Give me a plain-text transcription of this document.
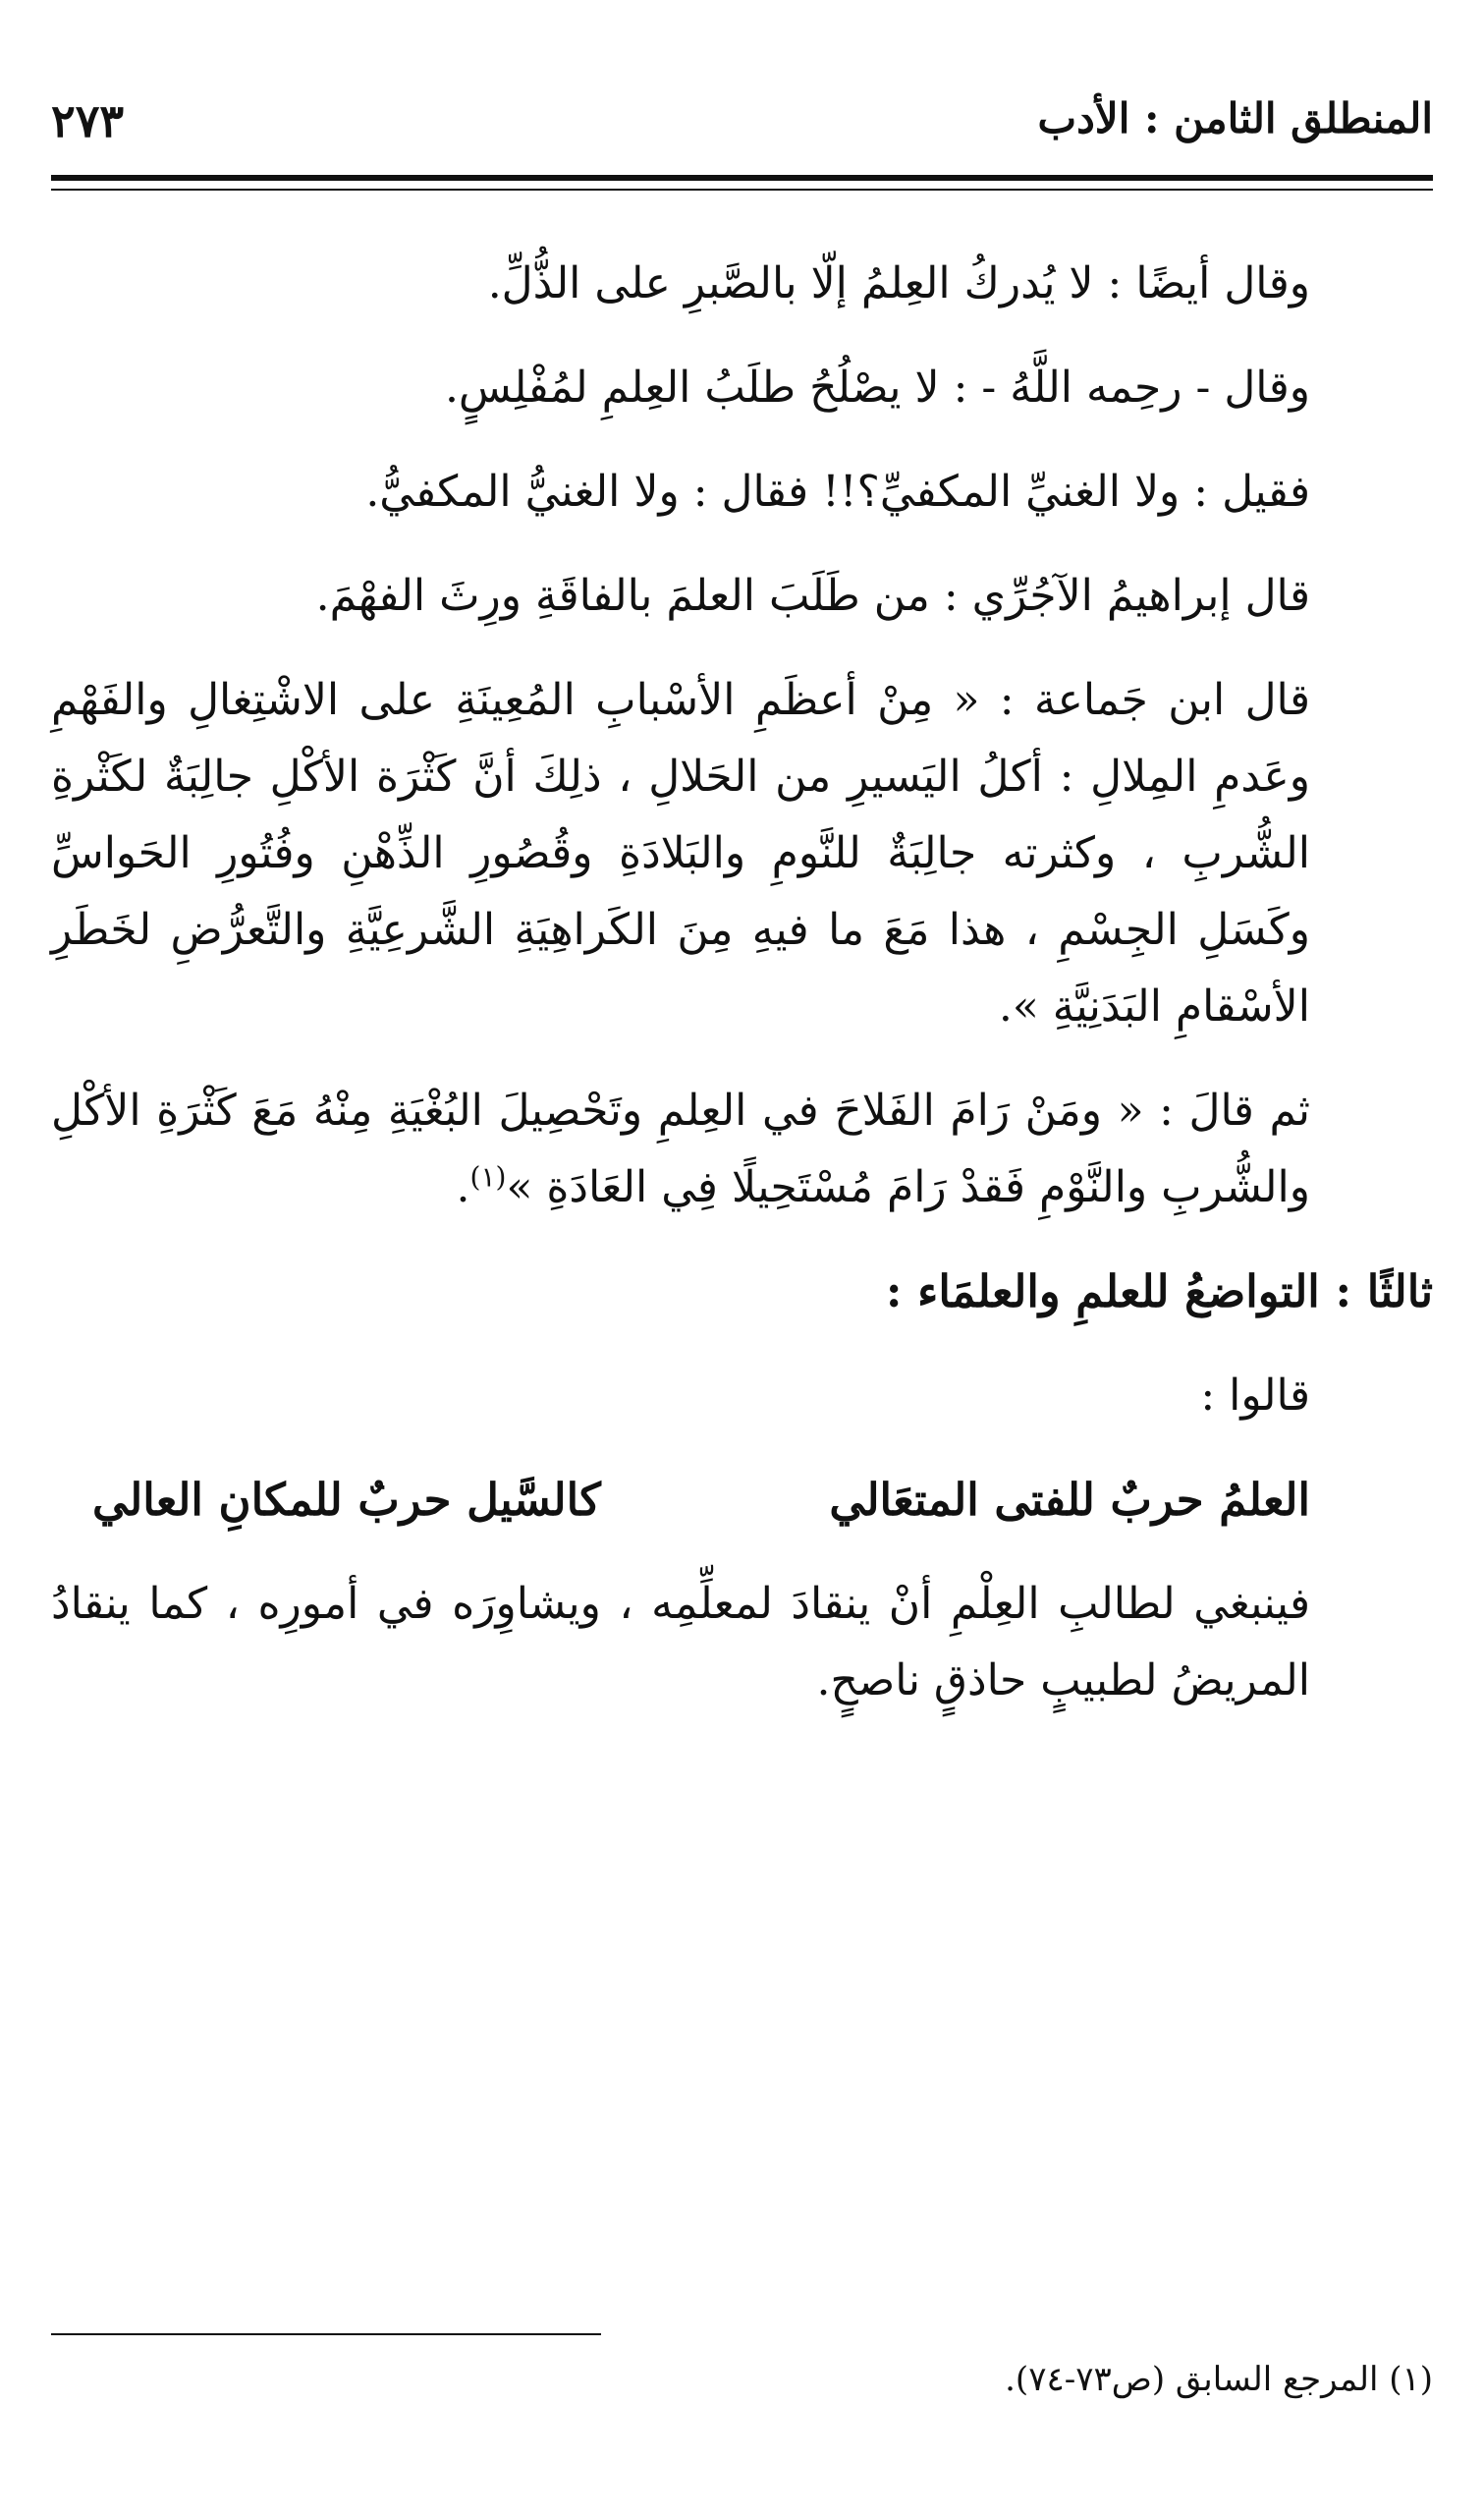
المنطلق الثامن : الأدب
٢٧٣

وقال أيضًا : لا يُدركُ العِلمُ إلّا بالصَّبرِ على الذُّلِّ.

وقال - رحِمه اللَّهُ - : لا يصْلُحُ طلَبُ العِلمِ لمُفْلِسٍ.

فقيل : ولا الغنيِّ المكفيِّ؟!! فقال : ولا الغنيُّ المكفيُّ.

قال إبراهيمُ الآجُرِّي : من طَلَبَ العلمَ بالفاقَةِ ورِثَ الفهْمَ.

قال ابن جَماعة : « مِنْ أعظَمِ الأسْبابِ المُعِينَةِ على الاشْتِغالِ والفَهْمِ وعَدمِ المِلالِ : أكلُ اليَسيرِ من الحَلالِ ، ذلِكَ أنَّ كَثْرَة الأكْلِ جالِبَةٌ لكَثْرةِ الشُّربِ ، وكثرته جالِبَةٌ للنَّومِ والبَلادَةِ وقُصُورِ الذِّهْنِ وفُتُورِ الحَواسِّ وكَسَلِ الجِسْمِ ، هذا مَعَ ما فيهِ مِنَ الكَراهِيَةِ الشَّرعِيَّةِ والتَّعرُّضِ لخَطَرِ الأسْقامِ البَدَنِيَّةِ ».

ثم قالَ : « ومَنْ رَامَ الفَلاحَ في العِلمِ وتَحْصِيلَ البُغْيَةِ مِنْهُ مَعَ كَثْرَةِ الأكْلِ والشُّربِ والنَّوْمِ فَقدْ رَامَ مُسْتَحِيلًا فِي العَادَةِ »$^{(١)}$.

ثالثًا : التواضعُ للعلمِ والعلمَاء :

قالوا :

العلمُ حربٌ للفتى المتعَالي
كالسَّيل حربٌ للمكانِ العالي

فينبغي لطالبِ العِلْمِ أنْ ينقادَ لمعلِّمِه ، ويشاوِرَه في أمورِه ، كما ينقادُ المريضُ لطبيبٍ حاذقٍ ناصحٍ.

(١) المرجع السابق (ص٧٣-٧٤).
